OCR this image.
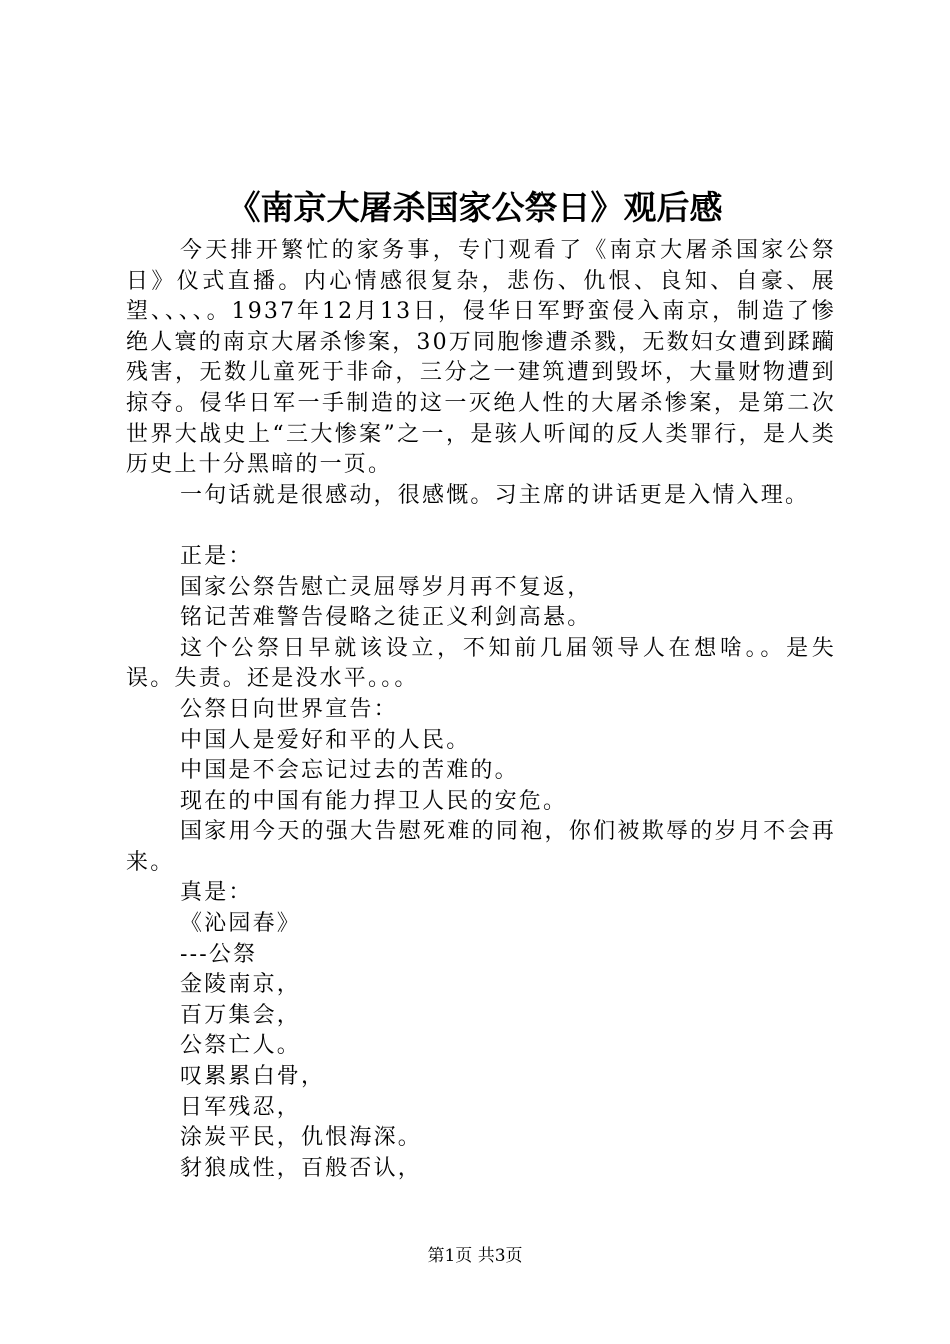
《南京大屠杀国家公祭日》观后感

今天排开繁忙的家务事，专门观看了《南京大屠杀国家公祭日》仪式直播。内心情感很复杂，悲伤、仇恨、良知、自豪、展望、、、、。1937年12月13日，侵华日军野蛮侵入南京，制造了惨绝人寰的南京大屠杀惨案，30万同胞惨遭杀戮，无数妇女遭到蹂躏残害，无数儿童死于非命，三分之一建筑遭到毁坏，大量财物遭到掠夺。侵华日军一手制造的这一灭绝人性的大屠杀惨案，是第二次世界大战史上“三大惨案”之一，是骇人听闻的反人类罪行，是人类历史上十分黑暗的一页。

一句话就是很感动，很感慨。习主席的讲话更是入情入理。

正是：

国家公祭告慰亡灵屈辱岁月再不复返，

铭记苦难警告侵略之徒正义利剑高悬。

这个公祭日早就该设立，不知前几届领导人在想啥。。是失误。失责。还是没水平。。。

公祭日向世界宣告：

中国人是爱好和平的人民。

中国是不会忘记过去的苦难的。

现在的中国有能力捍卫人民的安危。

国家用今天的强大告慰死难的同袍，你们被欺辱的岁月不会再来。

真是：

《沁园春》

---公祭

金陵南京，

百万集会，

公祭亡人。

叹累累白骨，

日军残忍，

涂炭平民，仇恨海深。

豺狼成性，百般否认，

第1页 共3页
